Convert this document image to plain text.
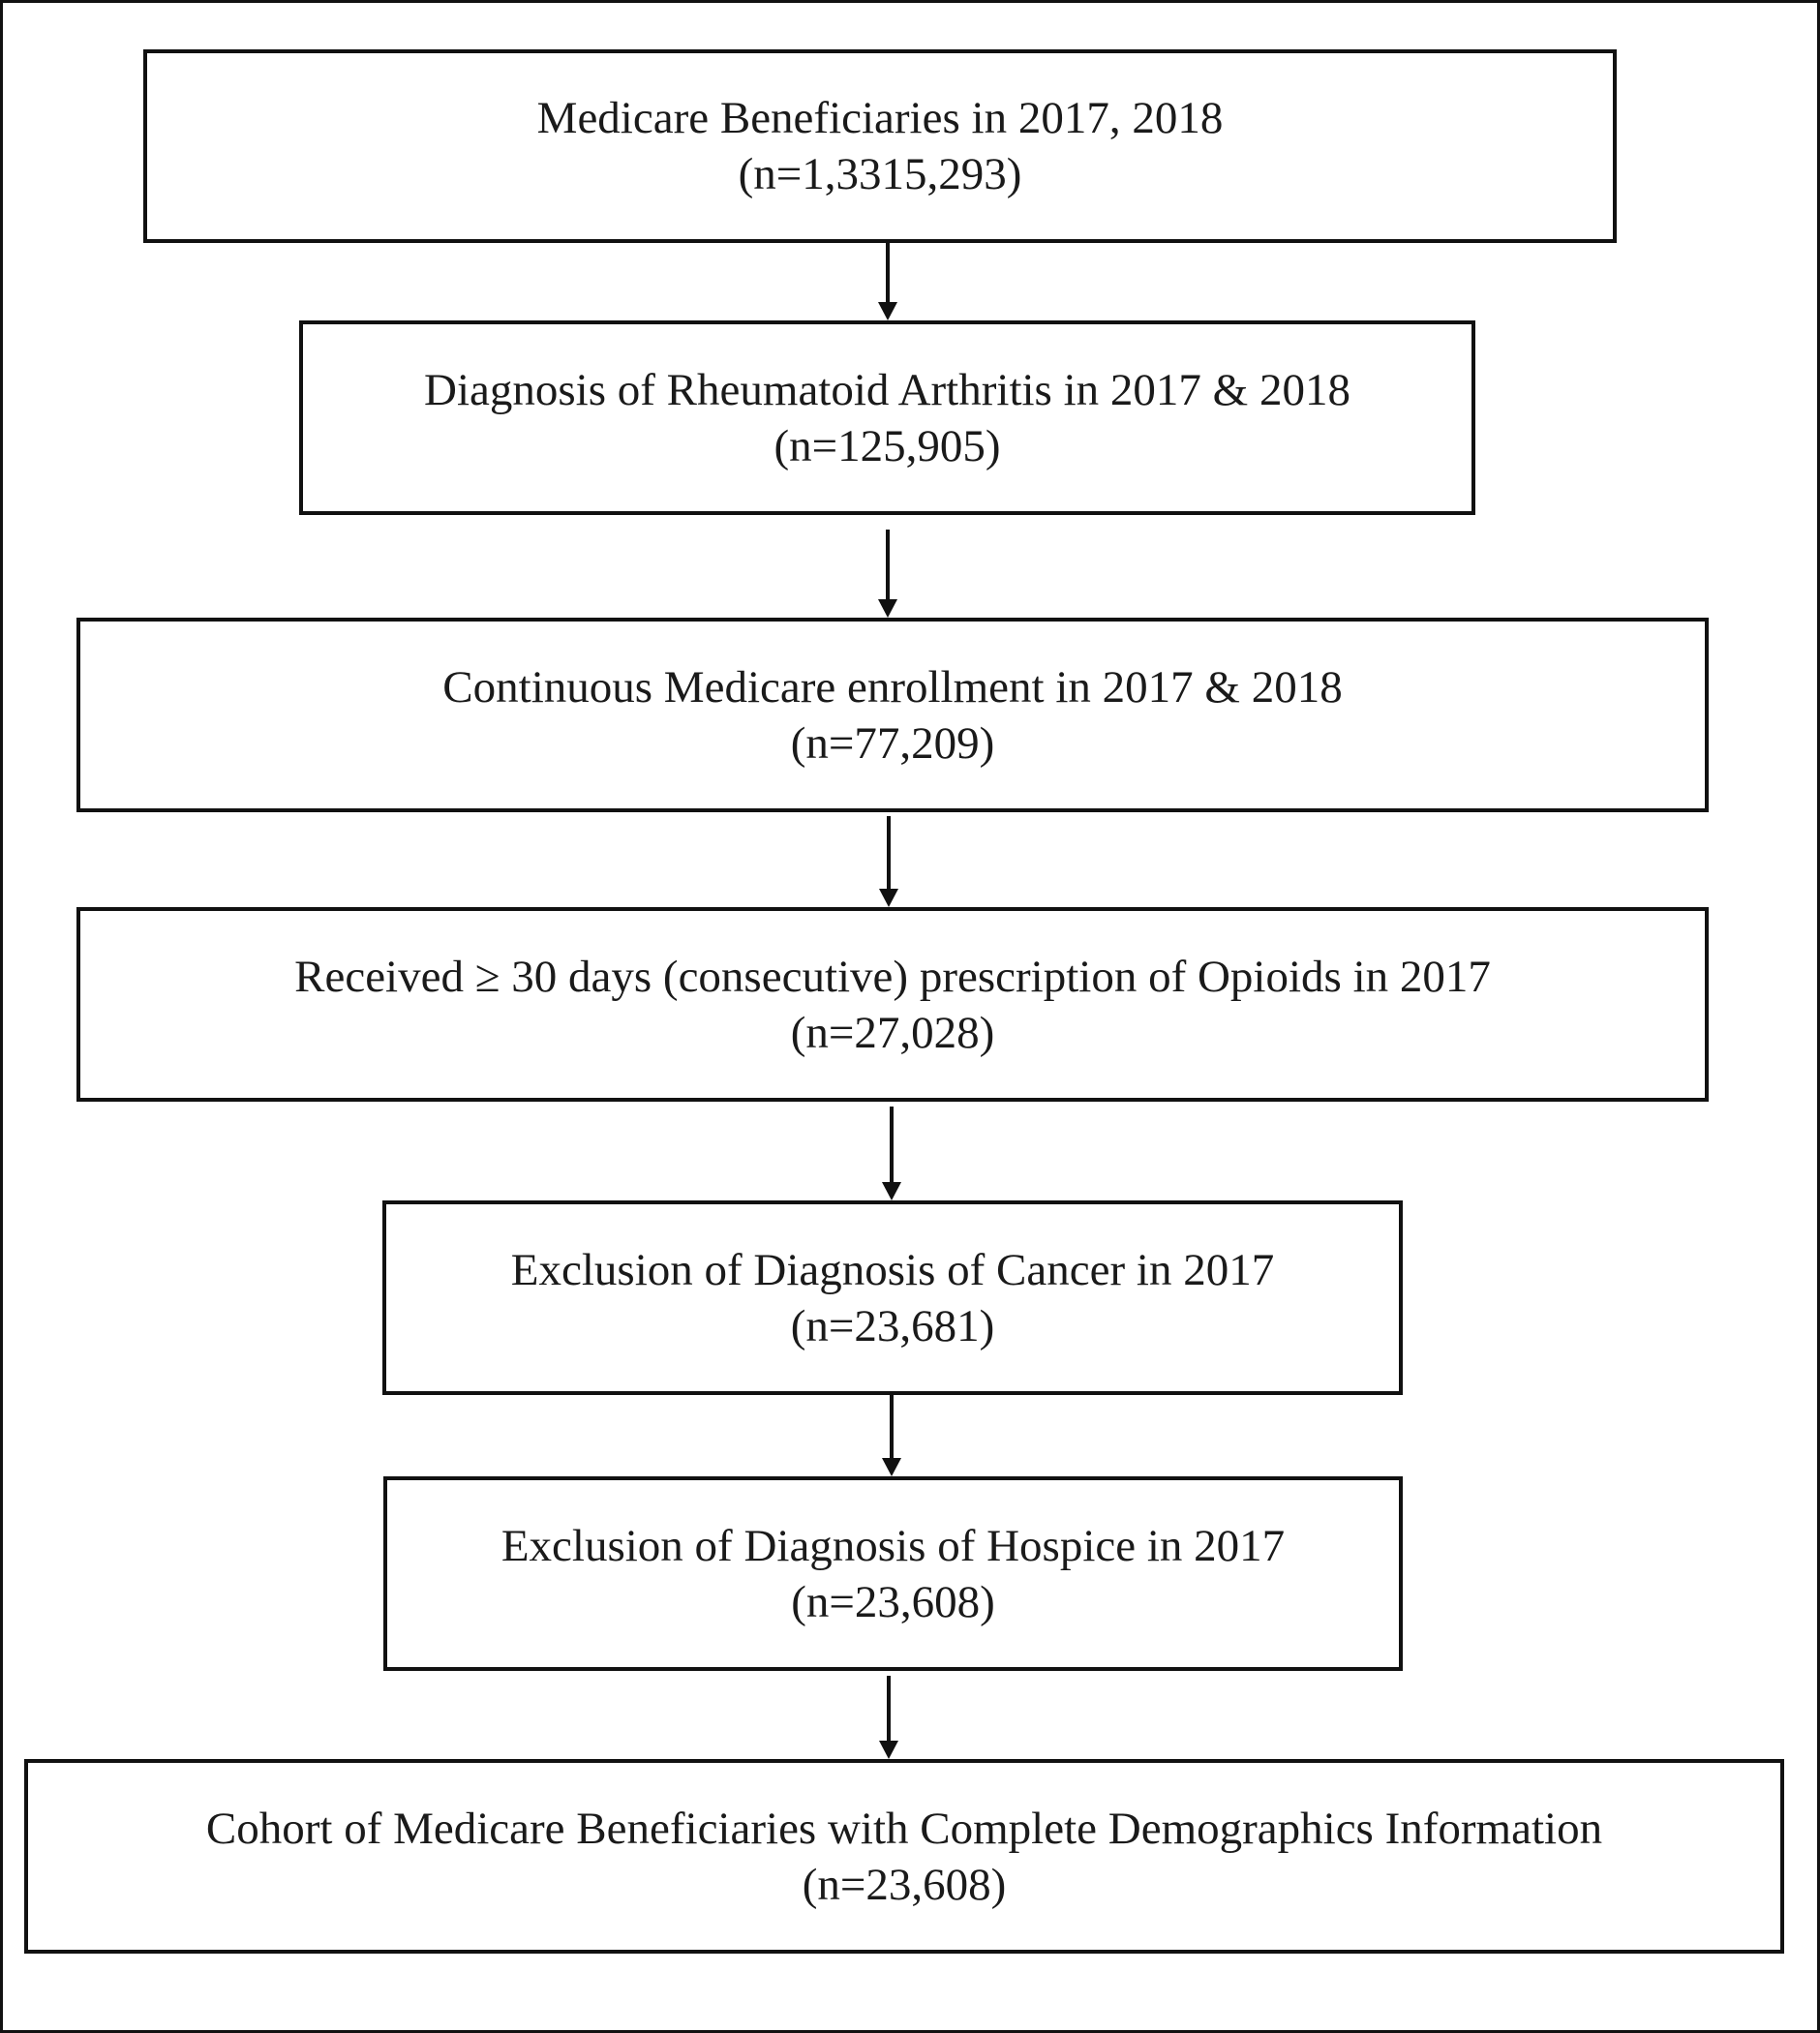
Medicare Beneficiaries in 2017, 2018
(n=1,3315,293)
Diagnosis of Rheumatoid Arthritis in 2017 & 2018
(n=125,905)
Continuous Medicare enrollment in 2017 & 2018
(n=77,209)
Received ≥ 30 days (consecutive) prescription of Opioids in 2017
(n=27,028)
Exclusion of Diagnosis of Cancer in 2017
(n=23,681)
Exclusion of Diagnosis of Hospice in 2017
(n=23,608)
Cohort of Medicare Beneficiaries with Complete Demographics Information
(n=23,608)
